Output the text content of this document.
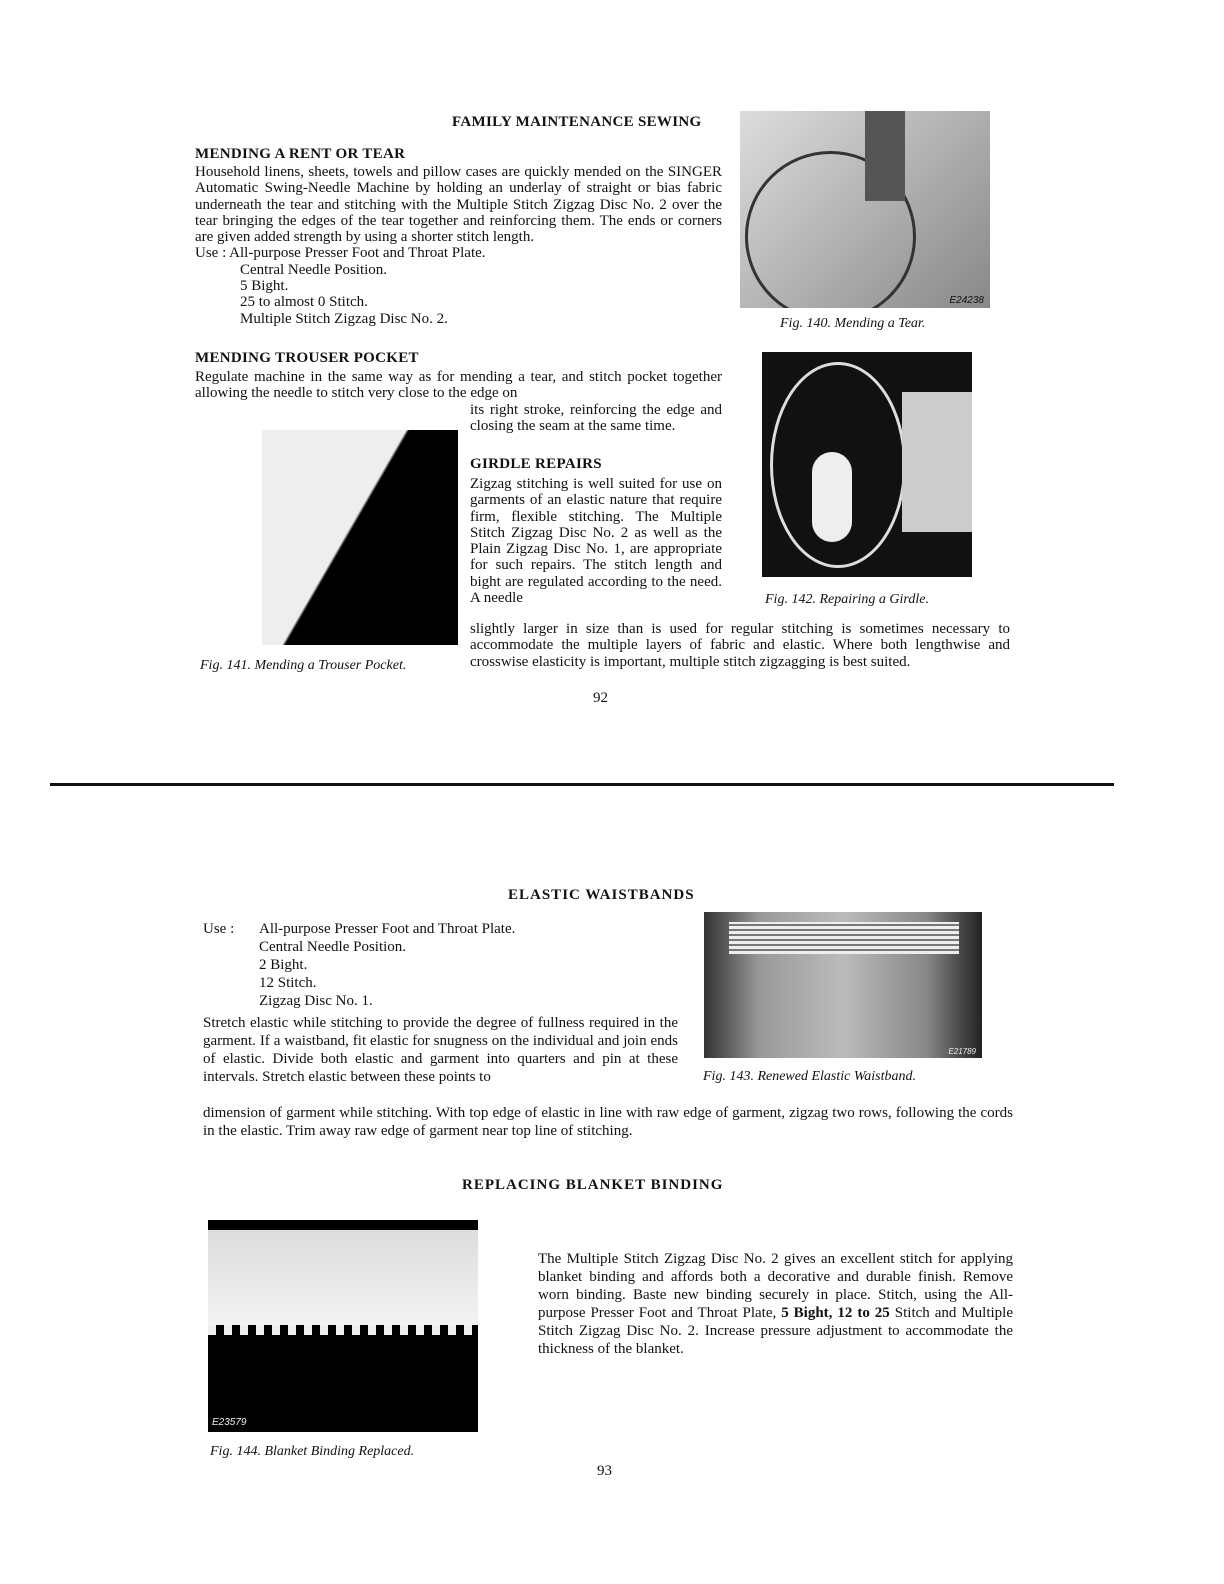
FAMILY MAINTENANCE SEWING
MENDING A RENT OR TEAR

Household linens, sheets, towels and pillow cases are quickly mended on the SINGER Automatic Swing-Needle Machine by holding an underlay of straight or bias fabric underneath the tear and stitching with the Multiple Stitch Zigzag Disc No. 2 over the tear bringing the edges of the tear together and reinforcing them. The ends or corners are given added strength by using a shorter stitch length.

Use : All-purpose Presser Foot and Throat Plate.

Central Needle Position.

5 Bight.

25 to almost 0 Stitch.

Multiple Stitch Zigzag Disc No. 2.

MENDING TROUSER POCKET

Regulate machine in the same way as for mending a tear, and stitch pocket together allowing the needle to stitch very close to the edge on

its right stroke, reinforcing the edge and closing the seam at the same time.

GIRDLE REPAIRS

Zigzag stitching is well suited for use on garments of an elastic nature that require firm, flexible stitching. The Multiple Stitch Zigzag Disc No. 2 as well as the Plain Zigzag Disc No. 1, are appropriate for such repairs. The stitch length and bight are regulated according to the need. A needle

slightly larger in size than is used for regular stitching is sometimes necessary to accommodate the multiple layers of fabric and elastic. Where both lengthwise and crosswise elasticity is important, multiple stitch zigzagging is best suited.

E24238
Fig. 140. Mending a Tear.
Fig. 141. Mending a Trouser Pocket.
Fig. 142. Repairing a Girdle.
92
ELASTIC WAISTBANDS
Use : All-purpose Presser Foot and Throat Plate.
Central Needle Position.
2 Bight.
12 Stitch.
Zigzag Disc No. 1.

Stretch elastic while stitching to provide the degree of fullness required in the garment. If a waistband, fit elastic for snugness on the individual and join ends of elastic. Divide both elastic and garment into quarters and pin at these intervals. Stretch elastic between these points to

dimension of garment while stitching. With top edge of elastic in line with raw edge of garment, zigzag two rows, following the cords in the elastic. Trim away raw edge of garment near top line of stitching.

E21789
Fig. 143. Renewed Elastic Waistband.
REPLACING BLANKET BINDING
E23579
Fig. 144. Blanket Binding Replaced.

The Multiple Stitch Zigzag Disc No. 2 gives an excellent stitch for applying blanket binding and affords both a decorative and durable finish. Remove worn binding. Baste new binding securely in place. Stitch, using the All-purpose Presser Foot and Throat Plate, 5 Bight, 12 to 25 Stitch and Multiple Stitch Zigzag Disc No. 2. Increase pressure adjustment to accommodate the thickness of the blanket.

93
